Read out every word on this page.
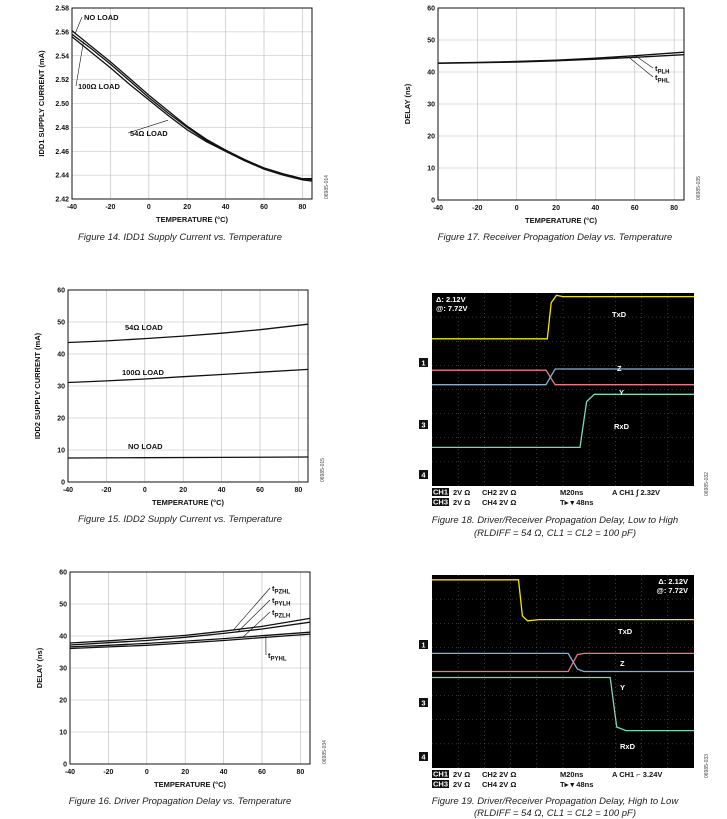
-40	-20	0	20	40	60	80
2.42
2.44
2.46
2.48
2.50
2.52
2.54
2.56
2.58
TEMPERATURE (°C)
IDD1 SUPPLY CURRENT (mA)
NO LOAD
100Ω LOAD
54Ω LOAD
06985-014
Figure 14. IDD1 Supply Current vs. Temperature
-40	-20	0	20	40	60	80
0
10
20
30
40
50
60
TEMPERATURE (°C)
DELAY (ns)
$t_{PLH}$
$t_{PHL}$
06985-035
Figure 17. Receiver Propagation Delay vs. Temperature
-40	-20	0	20	40	60	80
0
10
20
30
40
50
60
TEMPERATURE (°C)
IDD2 SUPPLY CURRENT (mA)
54Ω LOAD
100Ω LOAD
NO LOAD
06985-015
Figure 15. IDD2 Supply Current vs. Temperature
-40	-20	0	20	40	60	80
0
10
20
30
40
50
60
TEMPERATURE (°C)
DELAY (ns)
$t_{PZHL}$
$t_{PYLH}$
$t_{PZLH}$
$t_{PYHL}$
06985-034
Figure 16. Driver Propagation Delay vs. Temperature
Δ: 2.12V
@: 7.72V
TxD
Z
Y
RxD
1
3
4
CH1 2V Ω CH2 2V Ω	M20ns	A CH1 ∫ 2.32V
CH3 2V Ω CH4 2V Ω	T▸ ▾ 48ns
06985-032
Figure 18. Driver/Receiver Propagation Delay, Low to High
(RLDIFF = 54 Ω, CL1 = CL2 = 100 pF)
Δ: 2.12V
@: 7.72V
TxD
Z
Y
RxD
1
3
4
CH1 2V Ω CH2 2V Ω	M20ns	A CH1 ⌐ 3.24V
CH3 2V Ω CH4 2V Ω	T▸ ▾ 48ns
06985-033
Figure 19. Driver/Receiver Propagation Delay, High to Low
(RLDIFF = 54 Ω, CL1 = CL2 = 100 pF)
